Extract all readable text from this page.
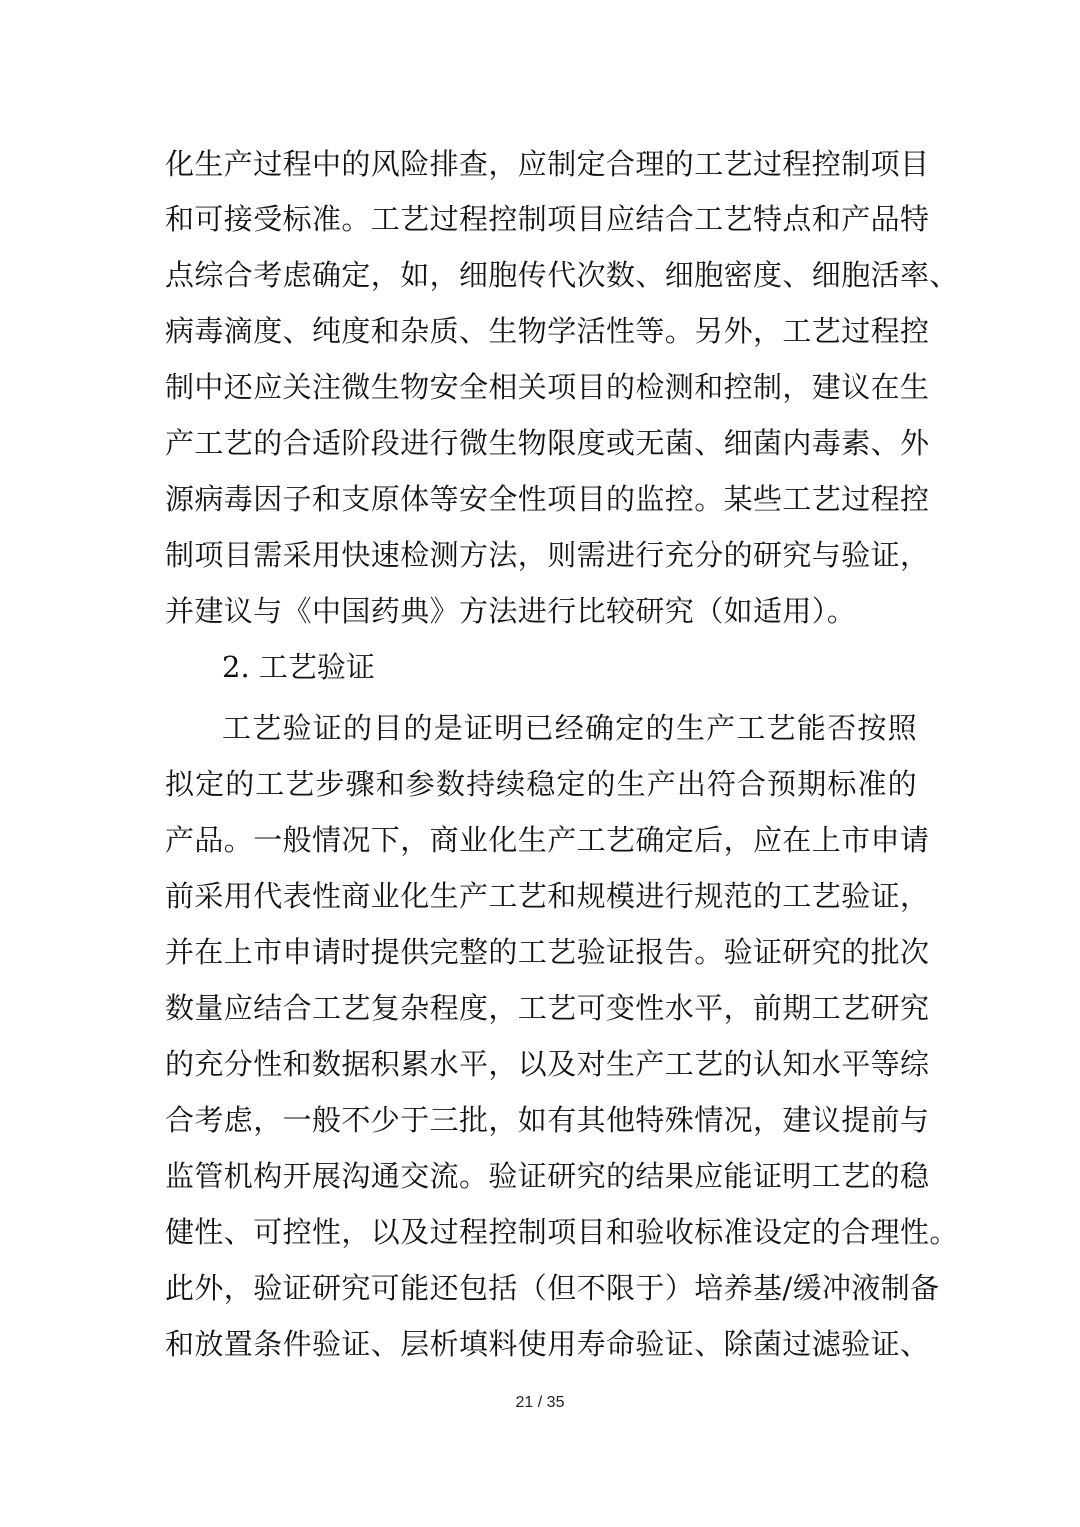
化生产过程中的风险排查，应制定合理的工艺过程控制项目
和可接受标准。工艺过程控制项目应结合工艺特点和产品特
点综合考虑确定，如，细胞传代次数、细胞密度、细胞活率、
病毒滴度、纯度和杂质、生物学活性等。另外，工艺过程控
制中还应关注微生物安全相关项目的检测和控制，建议在生
产工艺的合适阶段进行微生物限度或无菌、细菌内毒素、外
源病毒因子和支原体等安全性项目的监控。某些工艺过程控
制项目需采用快速检测方法，则需进行充分的研究与验证，
并建议与《中国药典》方法进行比较研究（如适用）。
2. 工艺验证
工艺验证的目的是证明已经确定的生产工艺能否按照
拟定的工艺步骤和参数持续稳定的生产出符合预期标准的
产品。一般情况下，商业化生产工艺确定后，应在上市申请
前采用代表性商业化生产工艺和规模进行规范的工艺验证，
并在上市申请时提供完整的工艺验证报告。验证研究的批次
数量应结合工艺复杂程度，工艺可变性水平，前期工艺研究
的充分性和数据积累水平，以及对生产工艺的认知水平等综
合考虑，一般不少于三批，如有其他特殊情况，建议提前与
监管机构开展沟通交流。验证研究的结果应能证明工艺的稳
健性、可控性，以及过程控制项目和验收标准设定的合理性。
此外，验证研究可能还包括（但不限于）培养基/缓冲液制备
和放置条件验证、层析填料使用寿命验证、除菌过滤验证、
21 / 35
